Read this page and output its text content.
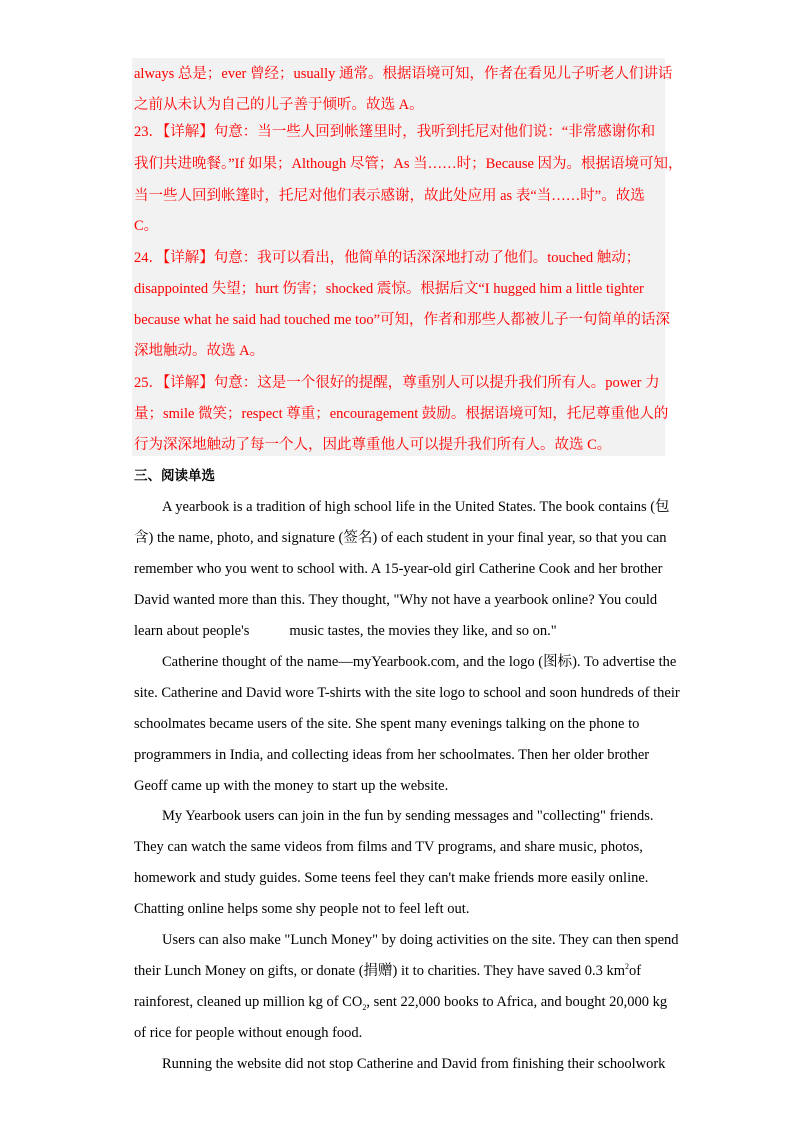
always 总是；ever 曾经；usually 通常。根据语境可知，作者在看见儿子听老人们讲话
之前从未认为自己的儿子善于倾听。故选 A。
23．【详解】句意：当一些人回到帐篷里时，我听到托尼对他们说：“非常感谢你和
我们共进晚餐。”If 如果；Although 尽管；As 当……时；Because 因为。根据语境可知，
当一些人回到帐篷时，托尼对他们表示感谢，故此处应用 as 表“当……时”。故选
C。
24．【详解】句意：我可以看出，他简单的话深深地打动了他们。touched 触动；
disappointed 失望；hurt 伤害；shocked 震惊。根据后文“I hugged him a little tighter
because what he said had touched me too”可知，作者和那些人都被儿子一句简单的话深
深地触动。故选 A。
25．【详解】句意：这是一个很好的提醒，尊重别人可以提升我们所有人。power 力
量；smile 微笑；respect 尊重；encouragement 鼓励。根据语境可知，托尼尊重他人的
行为深深地触动了每一个人，因此尊重他人可以提升我们所有人。故选 C。
三、阅读单选
A yearbook is a tradition of high school life in the United States. The book contains (包
含) the name, photo, and signature (签名) of each student in your final year, so that you can
remember who you went to school with. A 15-year-old girl Catherine Cook and her brother
David wanted more than this. They thought, "Why not have a yearbook online? You could
learn about people's	music tastes, the movies they like, and so on."
Catherine thought of the name—myYearbook.com, and the logo (图标). To advertise the
site. Catherine and David wore T-shirts with the site logo to school and soon hundreds of their
schoolmates became users of the site. She spent many evenings talking on the phone to
programmers in India, and collecting ideas from her schoolmates. Then her older brother
Geoff came up with the money to start up the website.
My Yearbook users can join in the fun by sending messages and "collecting" friends.
They can watch the same videos from films and TV programs, and share music, photos,
homework and study guides. Some teens feel they can't make friends more easily online.
Chatting online helps some shy people not to feel left out.
Users can also make "Lunch Money" by doing activities on the site. They can then spend
their Lunch Money on gifts, or donate (捐赠) it to charities. They have saved 0.3 $km^2of$
rainforest, cleaned up million kg of $CO_2$, sent 22,000 books to Africa, and bought 20,000 kg
of rice for people without enough food.
Running the website did not stop Catherine and David from finishing their schoolwork
